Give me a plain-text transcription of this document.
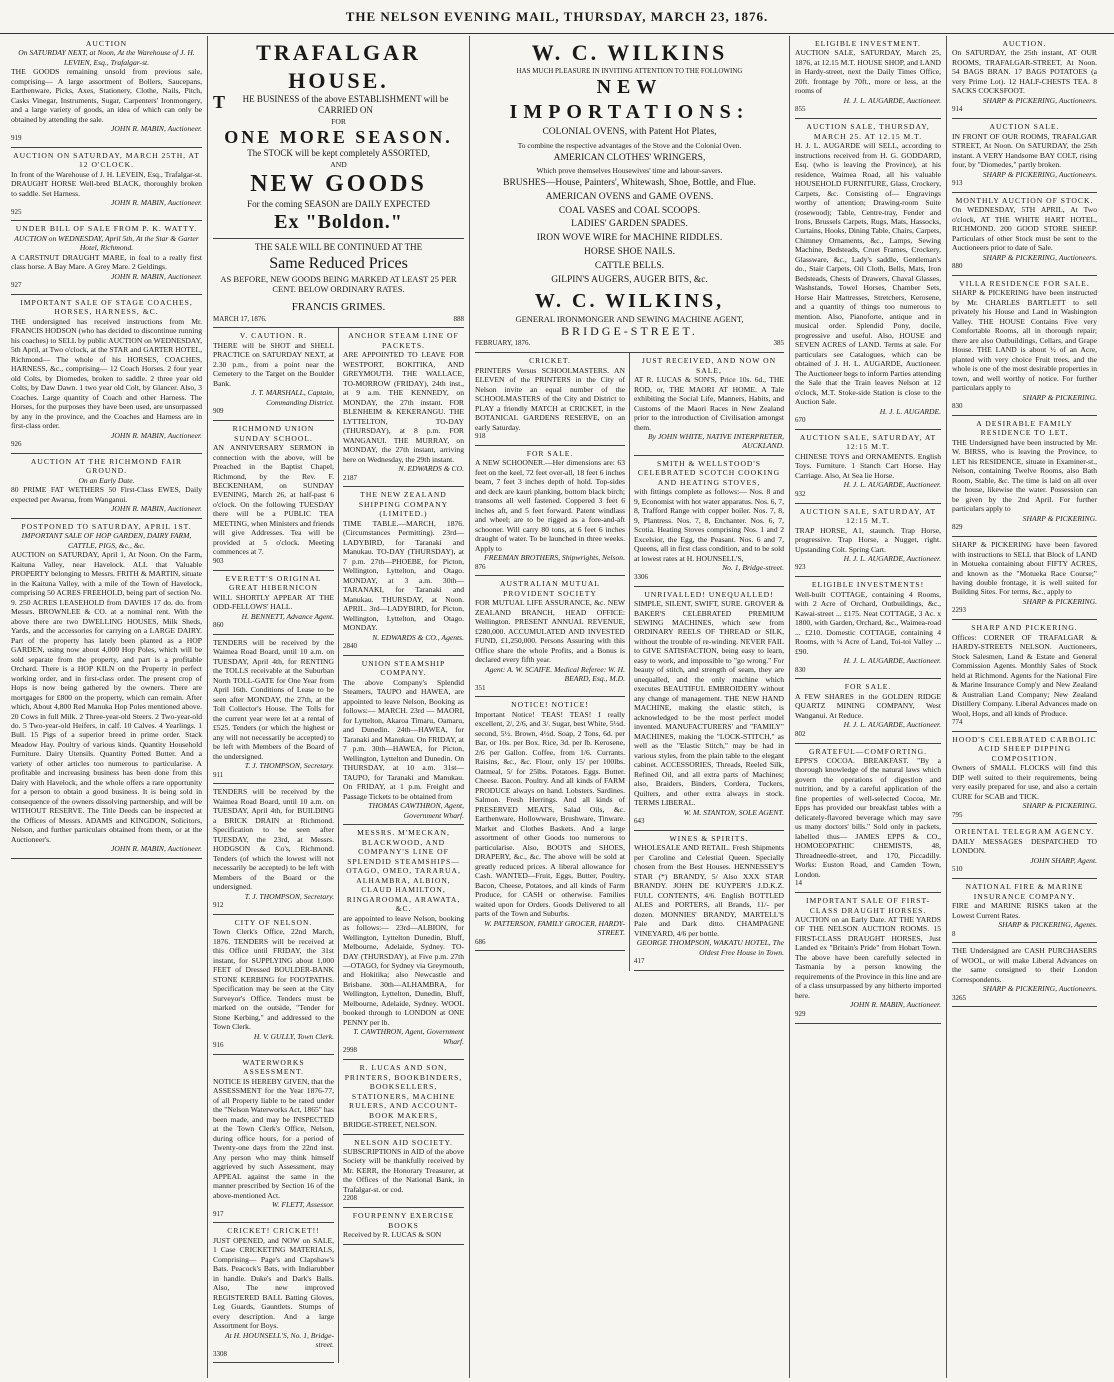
THE NELSON EVENING MAIL, THURSDAY, MARCH 23, 1876.
AUCTION
On SATURDAY NEXT, at Noon, At the Warehouse of J. H. LEVIEN, Esq., Trafalgar-st.
THE GOODS remaining unsold from previous sale, comprising— A large assortment of Bollers, Saucepans, Earthenware, Picks, Axes, Stationery, Clothe, Nails, Pitch, Casks Vinegar, Instruments, Sugar, Carpenters' Ironmongery, and a large variety of goods, an idea of which can only be obtained by attending the sale.
JOHN R. MABIN, Auctioneer.
919
AUCTION ON SATURDAY, MARCH 25TH, AT 12 O'CLOCK.
In front of the Warehouse of J. H. LEVEIN, Esq., Trafalgar-st. DRAUGHT HORSE Well-bred BLACK, thoroughly broken to saddle. Set Harness.
JOHN R. MABIN, Auctioneer.
925
UNDER BILL OF SALE FROM P. K. WATTY.
AUCTION on WEDNESDAY, April 5th, At the Star & Garter Hotel, Richmond.
A CARSTNUT DRAUGHT MARE, in foal to a really first class horse. A Bay Mare. A Grey Mare. 2 Geldings.
JOHN R. MABIN, Auctioneer.
927
IMPORTANT SALE OF STAGE COACHES, HORSES, HARNESS, &C.
THE undersigned has received instructions from Mr. FRANCIS HODSON (who has decided to discontinue running his coaches) to SELL by public AUCTION on WEDNESDAY, 5th April, at Two o'clock, at the STAR and GARTER HOTEL, Richmond— The whole of his HORSES, COACHES, HARNESS, &c., comprising— 12 Coach Horses. 2 four year old Colts, by Diomedes, broken to saddle. 2 three year old Colts, by Daw Dawn. 1 two year old Colt, by Glancer. Also, 3 Coaches. Large quantity of Coach and other Harness. The Horses, for the purposes they have been used, are unsurpassed by any in the province, and the Coaches and Harness are in first-class order.
JOHN R. MABIN, Auctioneer.
926
AUCTION AT THE RICHMOND FAIR GROUND.
On an Early Date.
80 PRIME FAT WETHERS 50 First-Class EWES, Daily expected per Awarua, from Wanganui.
JOHN R. MABIN, Auctioneer.
POSTPONED TO SATURDAY, APRIL 1ST.
IMPORTANT SALE OF HOP GARDEN, DAIRY FARM, CATTLE, PIGS, &c., &c.
AUCTION on SATURDAY, April 1, At Noon. On the Farm, Kaituna Valley, near Havelock. ALL that Valuable PROPERTY belonging to Messrs. FRITH & MARTIN, situate in the Kaituna Valley, with a mile of the Town of Havelock, comprising 50 ACRES FREEHOLD, being part of section No. 9. 250 ACRES LEASEHOLD from DAVIES 17 do. do. from Messrs. BROWNLEE & CO. at a nominal rent. With the above there are two DWELLING HOUSES, Milk Sheds, Yards, and the accessories for carrying on a LARGE DAIRY. Part of the property has lately been planted as a HOP GARDEN, using now about 4,000 Hop Poles, which will be sold separate from the property, and part is a profitable Orchard. There is a HOP KILN on the Property in perfect working order, and in first-class order. The present crop of Hops is now being gathered by the owners. There are mortgages for £800 on the property, which can remain. After which, About 4,800 Red Manuka Hop Poles mentioned above. 20 Cows in full Milk. 2 Three-year-old Steers. 2 Two-year-old do. 5 Two-year-old Heifers, in calf. 10 Calves. 4 Yearlings. 1 Bull. 15 Pigs of a superior breed in prime order. Stack Meadow Hay. Poultry of various kinds. Quantity Household Furniture. Dairy Utensils. Quantity Potted Butter. And a variety of other articles too numerous to particularise. A profitable and increasing business has been done from this Dairy with Havelock, and the whole offers a rare opportunity for a person to obtain a good business. It is being sold in consequence of the owners dissolving partnership, and will be WITHOUT RESERVE. The Title Deeds can be inspected at the Offices of Messrs. ADAMS and KINGDON, Solicitors, Nelson, and further particulars obtained from them, or at the Auctioneer's.
JOHN R. MABIN, Auctioneer.
TRAFALGAR HOUSE.
THE BUSINESS of the above ESTABLISHMENT will be CARRIED ON
FOR
ONE MORE SEASON.
The STOCK will be kept completely ASSORTED,
AND
NEW GOODS
For the coming SEASON are DAILY EXPECTED
Ex "Boldon."
THE SALE WILL BE CONTINUED AT THE
Same Reduced Prices
AS BEFORE, NEW GOODS BEING MARKED AT LEAST 25 PER CENT. BELOW ORDINARY RATES.
FRANCIS GRIMES.
MARCH 17, 1876.	888
V. CAUTION. R.
THERE will be SHOT and SHELL PRACTICE on SATURDAY NEXT, at 2.30 p.m., from a point near the Cemetery to the Target on the Boulder Bank.
J. T. MARSHALL, Captain, Commanding District.
909
RICHMOND UNION SUNDAY SCHOOL.
AN ANNIVERSARY SERMON in connection with the above, will be Preached in the Baptist Chapel, Richmond, by the Rev. F. BECKENHAM, on SUNDAY EVENING, March 26, at half-past 6 o'clock. On the following TUESDAY there will be a PUBLIC TEA MEETING, when Ministers and friends will give Addresses. Tea will be provided at 5 o'clock. Meeting commences at 7.
903
EVERETT'S ORIGINAL GREAT HIBERNICON
WILL SHORTLY APPEAR AT THE ODD-FELLOWS' HALL.
H. BENNETT, Advance Agent.
860
TENDERS will be received by the Waimea Road Board, until 10 a.m. on TUESDAY, April 4th, for RENTING the TOLLS receivable at the Suburban North TOLL-GATE for One Year from April 16th. Conditions of Lease to be seen after MONDAY, the 27th, at the Toll Collector's House. The Tolls for the current year were let at a rental of £525. Tenders (or which the highest or any will not necessarily be accepted) to be left with Members of the Board of the undersigned.
T. J. THOMPSON, Secretary.
911
TENDERS will be received by the Waimea Road Board, until 10 a.m. on TUESDAY, April 4th, for BUILDING a BRICK DRAIN at Richmond. Specification to be seen after TUESDAY, the 23rd, at Messrs. HODGSON & Co's, Richmond. Tenders (of which the lowest will not necessarily be accepted) to be left with Members of the Board or the undersigned.
T. J. THOMPSON, Secretary.
912
CITY OF NELSON.
Town Clerk's Office, 22nd March, 1876. TENDERS will be received at this Office until FRIDAY, the 31st instant, for SUPPLYING about 1,000 FEET of Dressed BOULDER-BANK STONE KERBING for FOOTPATHS. Specification may be seen at the City Surveyor's Office. Tenders must be marked on the outside, "Tender for Stone Kerbing," and addressed to the Town Clerk.
H. V. GULLY, Town Clerk.
916
WATERWORKS ASSESSMENT.
NOTICE IS HEREBY GIVEN, that the ASSESSMENT for the Year 1876-77, of all Property liable to be rated under the "Nelson Waterworks Act, 1865" has been made, and may be INSPECTED at the Town Clerk's Office, Nelson, during office hours, for a period of Twenty-one days from the 22nd inst. Any person who may think himself aggrieved by such Assessment, may APPEAL against the same in the manner prescribed by Section 16 of the above-mentioned Act.
W. FLETT, Assessor.
917
CRICKET! CRICKET!!
JUST OPENED, and NOW on SALE, 1 Case CRICKETING MATERIALS, Comprising— Page's and Clapshaw's Bats. Peacock's Bats, with Indiarubber in handle. Duke's and Dark's Balls. Also, The new improved REGISTERED BALL Batting Gloves, Leg Guards, Gauntlets. Stumps of every description. And a large Assortment for Boys.
At H. HOUNSELL'S, No. 1, Bridge-street.
3308
ANCHOR STEAM LINE OF PACKETS.
ARE APPOINTED TO LEAVE FOR WESTPORT, BOKITIKA, AND GREYMOUTH. THE WALLACE, TO-MORROW (FRIDAY), 24th inst., at 9 a.m. THE KENNEDY, on MONDAY, the 27th instant. FOR BLENHEIM & KEKERANGU. THE LYTTELTON, TO-DAY (THURSDAY), at 8 p.m. FOR WANGANUI. THE MURRAY, on MONDAY, the 27th instant, arriving here on Wednesday, the 29th instant.
N. EDWARDS & CO.
2187
THE NEW ZEALAND SHIPPING COMPANY (LIMITED.)
TIME TABLE.—MARCH, 1876. (Circumstances Permitting). 23rd—LADYBIRD, for Taranaki and Manukau. TO-DAY (THURSDAY), at 7 p.m. 27th—PHOEBE, for Picton, Wellington, Lyttelton, and Otago. MONDAY, at 3 a.m. 30th—TARANAKI, for Taranaki and Manukau. THURSDAY, at Noon. APRIL. 3rd—LADYBIRD, for Picton, Wellington, Lyttelton, and Otago. MONDAY.
N. EDWARDS & CO., Agents.
2840
UNION STEAMSHIP COMPANY.
The above Company's Splendid Steamers, TAUPO and HAWEA, are appointed to leave Nelson, Booking as follows:— MARCH. 23rd — MAORI, for Lyttelton, Akaroa Timaru, Oamaru, and Dunedin. 24th—HAWEA, for Taranaki and Manukau. On FRIDAY, at 7 p.m. 30th—HAWEA, for Picton, Wellington, Lyttelton and Dunedin. On THURSDAY, at 10 a.m. 31st—TAUPO, for Taranaki and Manukau. On FRIDAY, at 1 p.m. Freight and Passage Tickets to be obtained from
THOMAS CAWTHRON, Agent, Government Wharf.
MESSRS. M'MECKAN, BLACKWOOD, AND COMPANY'S LINE OF SPLENDID STEAMSHIPS—OTAGO, OMEO, TARARUA, ALHAMBRA, ALBION, CLAUD HAMILTON, RINGAROOMA, ARAWATA, &C.
are appointed to leave Nelson, booking as follows:— 23rd—ALBION, for Wellington, Lyttelton Dunedin, Bluff, Melbourne, Adelaide, Sydney. TO-DAY (THURSDAY), at Five p.m. 27th—OTAGO, for Sydney via Greymouth, and Hokitika; also Newcastle and Brisbane. 30th—ALHAMBRA, for Wellington, Lyttelton, Dunedin, Bluff, Melbourne, Adelaide, Sydney. WOOL booked through to LONDON at ONE PENNY per lb.
T. CAWTHRON, Agent, Government Wharf.
2998
R. LUCAS AND SON, PRINTERS, BOOKBINDERS, BOOKSELLERS, STATIONERS, MACHINE RULERS, AND ACCOUNT-BOOK MAKERS,
BRIDGE-STREET, NELSON.
NELSON AID SOCIETY.
SUBSCRIPTIONS in AID of the above Society will be thankfully received by Mr. KERR, the Honorary Treasurer, at the Offices of the National Bank, in Trafalgar-st. or cod.
2208
FOURPENNY EXERCISE BOOKS
Received by R. LUCAS & SON
W. C. WILKINS
HAS MUCH PLEASURE IN INVITING ATTENTION TO THE FOLLOWING
NEW IMPORTATIONS:
COLONIAL OVENS, with Patent Hot Plates,
To combine the respective advantages of the Stove and the Colonial Oven.
AMERICAN CLOTHES' WRINGERS,
Which prove themselves Housewives' time and labour-savers.
BRUSHES—House, Painters', Whitewash, Shoe, Bottle, and Flue.
AMERICAN OVENS and GAME OVENS.
COAL VASES and COAL SCOOPS.
LADIES' GARDEN SPADES.
IRON WOVE WIRE for MACHINE RIDDLES.
HORSE SHOE NAILS.
CATTLE BELLS.
GILPIN'S AUGERS, AUGER BITS, &c.
W. C. WILKINS,
GENERAL IRONMONGER AND SEWING MACHINE AGENT,
BRIDGE-STREET.
FEBRUARY, 1876.	385
CRICKET.
PRINTERS Versus SCHOOLMASTERS. AN ELEVEN of the PRINTERS in the City of Nelson invite an equal number of the SCHOOLMASTERS of the City and District to PLAY a friendly MATCH at CRICKET, in the BOTANICAL GARDENS RESERVE, on an early Saturday.
918
FOR SALE.
A NEW SCHOONER.—Her dimensions are: 63 feet on the keel, 72 feet over-all, 18 feet 6 inches beam, 7 feet 3 inches depth of hold. Top-sides and deck are kauri planking, bottom black birch; transoms all well fastened. Coppered 3 feet 6 inches aft, and 5 feet forward. Patent windlass and wheel; are to be rigged as a fore-and-aft schooner. Will carry 80 tons, at 6 feet 6 inches draught of water. To be launched in three weeks. Apply to
FREEMAN BROTHERS, Shipwrights, Nelson.
876
AUSTRALIAN MUTUAL PROVIDENT SOCIETY
FOR MUTUAL LIFE ASSURANCE, &c. NEW ZEALAND BRANCH, HEAD OFFICE: Wellington. PRESENT ANNUAL REVENUE, £280,000. ACCUMULATED AND INVESTED FUND, £1,250,000. Persons Assuring with this Office share the whole Profits, and a Bonus is declared every fifth year.
Agent: A. W. SCAIFE. Medical Referee: W. H. BEARD, Esq., M.D.
351
NOTICE! NOTICE!
Important Notice! TEAS! TEAS! I really excellent, 2/, 2/6, and 3/. Sugar, best White, 5½d. second, 5½. Brown, 4½d. Soap, 2 Tons, 6d. per Bar, or 10s. per Box. Rice, 3d. per lb. Kerosene, 2/6 per Gallon. Coffee, from 1/6. Currants. Raisins, &c., &c. Flour, only 15/ per 100lbs. Oatmeal, 5/ for 25lbs. Potatoes. Eggs. Butter. Cheese. Bacon. Poultry. And all kinds of FARM PRODUCE always on hand. Lobsters. Sardines. Salmon. Fresh Herrings. And all kinds of PRESERVED MEATS, Salad Oils, &c. Earthenware, Hollowware, Brushware, Tinware. Market and Clothes Baskets. And a large assortment of other Goods too numerous to particularise. Also, BOOTS and SHOES, DRAPERY, &c., &c. The above will be sold at greatly reduced prices. A liberal allowance for Cash. WANTED—Fruit, Eggs, Butter, Poultry, Bacon, Cheese, Potatoes, and all kinds of Farm Produce, for CASH or otherwise. Families waited upon for Orders. Goods Delivered to all parts of the Town and Suburbs.
W. PATTERSON, FAMILY GROCER, HARDY-STREET.
686
JUST RECEIVED, AND NOW ON SALE,
AT R. LUCAS & SON'S, Price 10s. 6d., THE ROD, or, THE MAORI AT HOME. A Tale exhibiting the Social Life, Manners, Habits, and Customs of the Maori Races in New Zealand prior to the introduction of Civilisation amongst them.
By JOHN WHITE, NATIVE INTERPRETER, AUCKLAND.
SMITH & WELLSTOOD'S CELEBRATED SCOTCH COOKING AND HEATING STOVES,
with fittings complete as follows:— Nos. 8 and 9, Economist with hot water apparatus. Nos. 6, 7, 8, Trafford Range with copper boiler. Nos. 7, 8, 9, Plantress. Nos. 7, 8, Enchanter. Nos. 6, 7, Scotia. Heating Stoves comprising Nos. 1 and 2 Excelsior, the Egg, the Peasant. Nos. 6 and 7, Queens, all in first class condition, and to be sold at lowest rates at H. HOUNSELL'S,
No. 1, Bridge-street.
3306
UNRIVALLED! UNEQUALLED!
SIMPLE, SILENT, SWIFT, SURE. GROVER & BAKER'S CELEBRATED PREMIUM SEWING MACHINES, which sew from ORDINARY REELS OF THREAD or SILK, without the trouble of re-winding. NEVER FAIL to GIVE SATISFACTION, being easy to learn, easy to work, and impossible to "go wrong." For beauty of stitch, and strength of seam, they are unequalled, and the only machine which executes BEAUTIFUL EMBROIDERY without any change of management. THE NEW HAND MACHINE, making the elastic stitch, is acknowledged to be the most perfect model invented. MANUFACTURERS' and "FAMILY" MACHINES, making the "LOCK-STITCH," as well as the "Elastic Stitch," may be had in various styles, from the plain table to the elegant cabinet. ACCESSORIES, Threads, Reeled Silk, Refined Oil, and all extra parts of Machines; also, Braiders, Binders, Cordera, Tuckers, Quilters, and other extra always in stock. TERMS LIBERAL.
W. M. STANTON, SOLE AGENT.
643
WINES & SPIRITS.
WHOLESALE AND RETAIL. Fresh Shipments per Caroline and Celestial Queen. Specially chosen from the Best Houses. HENNESSEY'S STAR (*) BRANDY, 5/ Also XXX STAR BRANDY. JOHN DE KUYPER'S J.D.K.Z. FULL CONTENTS, 4/6. English BOTTLED ALES and PORTERS, all Brands, 11/- per dozen. MONNIES' BRANDY, MARTELL'S Pale and Dark ditto. CHAMPAGNE VINEYARD, 4/6 per bottle.
GEORGE THOMPSON, WAKATU HOTEL, The Oldest Free House in Town.
417
ELIGIBLE INVESTMENT.
AUCTION SALE, SATURDAY, March 25, 1876, at 12.15 M.T. HOUSE SHOP, and LAND in Hardy-street, next the Daily Times Office, 20ft. frontage by 70ft., more or less, at the rooms of
H. J. L. AUGARDE, Auctioneer.
855
AUCTION SALE, THURSDAY, MARCH 25. AT 12.15 M.T.
H. J. L. AUGARDE will SELL, according to instructions received from H. G. GODDARD, Esq. (who is leaving the Province), at his residence, Waimea Road, all his valuable HOUSEHOLD FURNITURE, Glass, Crockery, Carpets, &c. Consisting of— Engravings worthy of attention; Drawing-room Suite (rosewood); Table, Centre-tray, Fender and Irons, Brussels Carpets, Rugs, Mats, Hassocks, Curtains, Hooks, Dining Table, Chairs, Carpets, Chimney Ornaments, &c., Lamps, Sewing Machine, Bedsteads, Cruet Frames, Crockery, Glassware, &c., Lady's saddle, Gentleman's do., Stair Carpets, Oil Cloth, Bells, Mats, Iron Bedsteads, Chests of Drawers, Chaval Glasses, Washstands, Towel Horses, Chamber Sets, Horse Hair Mattresses, Stretchers, Kerosene, and a quantity of things too numerous to mention. Also, Pianoforte, antique and in musical order. Splendid Pony, docile, progressive and useful. Also, HOUSE and SEVEN ACRES of LAND. Terms at sale. For particulars see Catalogues, which can be obtained of J. H. L. AUGARDE, Auctioneer. The Auctioneer begs to inform Parties attending the Sale that the Train leaves Nelson at 12 o'clock, M.T. Stoke-side Station is close to the Auction Sale.
H. J. L. AUGARDE.
670
AUCTION SALE, SATURDAY, AT 12:15 M.T.
CHINESE TOYS and ORNAMENTS. English Toys. Furniture. 1 Stanch Cart Horse. Hay Carriage. Also, At Sea lie Horse.
H. J. L. AUGARDE, Auctioneer.
932
AUCTION SALE, SATURDAY, AT 12:15 M.T.
TRAP HORSE, A1, staunch. Trap Horse, progressive. Trap Horse, a Nugget, right. Upstanding Colt. Spring Cart.
H. J. L. AUGARDE, Auctioneer.
923
ELIGIBLE INVESTMENTS!
Well-built COTTAGE, containing 4 Rooms, with 2 Acre of Orchard, Outbuildings, &c., Kawai-street ... £175. Neat COTTAGE, 3 Ac. x 1800, with Garden, Orchard, &c., Waimea-road ... £210. Domestic COTTAGE, containing 4 Rooms, with ¼ Acre of Land, Toi-toi Valley ... £90.
H. J. L. AUGARDE, Auctioneer.
830
FOR SALE.
A FEW SHARES in the GOLDEN RIDGE QUARTZ MINING COMPANY, West Wanganui. At Reduce.
H. J. L. AUGARDE, Auctioneer.
802
GRATEFUL—COMFORTING.
EPPS'S COCOA. BREAKFAST. "By a thorough knowledge of the natural laws which govern the operations of digestion and nutrition, and by a careful application of the fine properties of well-selected Cocoa, Mr. Epps has provided our breakfast tables with a delicately-flavored beverage which may save us many doctors' bills." Sold only in packets, labelled thus— JAMES EPPS & CO., HOMOEOPATHIC CHEMISTS, 48, Threadneedle-street, and 170, Piccadilly. Works: Euston Road, and Camden Town, London.
14
IMPORTANT SALE OF FIRST-CLASS DRAUGHT HORSES.
AUCTION on an Early Date. AT THE YARDS OF THE NELSON AUCTION ROOMS. 15 FIRST-CLASS DRAUGHT HORSES, Just Landed ex "Britain's Pride" from Hobart Town. The above have been carefully selected in Tasmania by a person knowing the requirements of the Province in this line and are of a class unsurpassed by any hitherto imported here.
JOHN R. MABIN, Auctioneer.
929
AUCTION.
On SATURDAY, the 25th instant, AT OUR ROOMS, TRAFALGAR-STREET, At Noon. 54 BAGS BRAN. 17 BAGS POTATOES (a very Prime Lot). 12 HALF-CHESTS TEA. 8 SACKS COCKSFOOT.
SHARP & PICKERING, Auctioneers.
914
AUCTION SALE.
IN FRONT OF OUR ROOMS, TRAFALGAR STREET, At Noon. On SATURDAY, the 25th instant. A VERY Handsome BAY COLT, rising four, by "Diomedes," partly broken.
SHARP & PICKERING, Auctioneers.
913
MONTHLY AUCTION OF STOCK.
On WEDNESDAY, 5TH APRIL, At Two o'clock, AT THE WHITE HART HOTEL, RICHMOND. 200 GOOD STORE SHEEP. Particulars of other Stock must be sent to the Auctioneers prior to date of Sale.
SHARP & PICKERING, Auctioneers.
880
VILLA RESIDENCE FOR SALE.
SHARP & PICKERING have been instructed by Mr. CHARLES BARTLETT to sell privately his House and Land in Washington Valley. THE HOUSE Contains Five very Comfortable Rooms, all in thorough repair; there are also Outbuildings, Cellars, and Grape House. THE LAND is about ½ of an Acre, planted with very choice Fruit trees, and the whole is one of the most desirable properties in town, and well worthy of notice. For further particulars apply to
SHARP & PICKERING.
830
A DESIRABLE FAMILY RESIDENCE TO LET.
THE Undersigned have been instructed by Mr. W. BIRSS, who is leaving the Province, to LET his RESIDENCE, situate in Examiner-st., Nelson, containing Twelve Rooms, also Bath Room, Stable, &c. The time is laid on all over the house, likewise the water. Possession can be given by the 2nd April. For further particulars apply to
SHARP & PICKERING.
829
SHARP & PICKERING have been favored with instructions to SELL that Block of LAND in Motueka containing about FIFTY ACRES, and known as the "Motueka Race Course;" having double frontage, it is well suited for Building Sites. For terms, &c., apply to
SHARP & PICKERING.
2293
SHARP AND PICKERING.
Offices: CORNER OF TRAFALGAR & HARDY-STREETS NELSON. Auctioneers, Stock Salesmen, Land & Estate and General Commission Agents. Monthly Sales of Stock held at Richmond. Agents for the National Fire & Marine Insurance Comp'y and New Zealand & Australian Land Company; New Zealand Distillery Company. Liberal Advances made on Wool, Hops, and all kinds of Produce.
774
HOOD'S CELEBRATED CARBOLIC ACID SHEEP DIPPING COMPOSITION.
Owners of SMALL FLOCKS will find this DIP well suited to their requirements, being very easily prepared for use, and also a certain CURE for SCAB and TICK.
SHARP & PICKERING.
795
ORIENTAL TELEGRAM AGENCY.
DAILY MESSAGES DESPATCHED TO LONDON.
JOHN SHARP, Agent.
510
NATIONAL FIRE & MARINE INSURANCE COMPANY.
FIRE and MARINE RISKS taken at the Lowest Current Rates.
SHARP & PICKERING, Agents.
8
THE Undersigned are CASH PURCHASERS of WOOL, or will make Liberal Advances on the same consigned to their London Correspondents.
SHARP & PICKERING, Auctioneers.
3265
